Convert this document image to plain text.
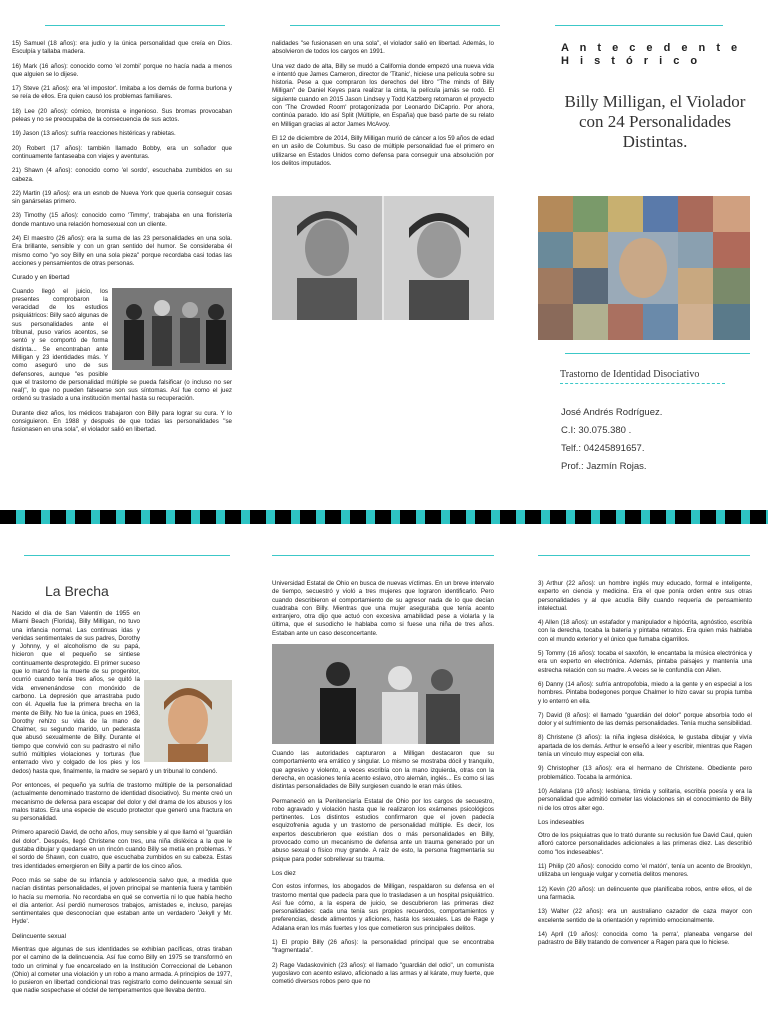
15) Samuel (18 años): era judío y la única personalidad que creía en Dios. Esculpía y tallaba madera.

16) Mark (16 años): conocido como 'el zombi' porque no hacía nada a menos que alguien se lo dijese.

17) Steve (21 años): era 'el impostor'. Imitaba a los demás de forma burlona y se reía de ellos. Era quien causó los problemas familiares.

18) Lee (20 años): cómico, bromista e ingenioso. Sus bromas provocaban peleas y no se preocupaba de la consecuencia de sus actos.

19) Jason (13 años): sufría reacciones histéricas y rabietas.

20) Robert (17 años): también llamado Bobby, era un soñador que continuamente fantaseaba con viajes y aventuras.

21) Shawn (4 años): conocido como 'el sordo', escuchaba zumbidos en su cabeza.

22) Martin (19 años): era un esnob de Nueva York que quería conseguir cosas sin ganárselas primero.

23) Timothy (15 años): conocido como 'Timmy', trabajaba en una floristería donde mantuvo una relación homosexual con un cliente.

24) El maestro (26 años): era la suma de las 23 personalidades en una sola. Era brillante, sensible y con un gran sentido del humor. Se consideraba él mismo como "yo soy Billy en una sola pieza" porque recordaba casi todas las acciones y pensamientos de otras personas.

Curado y en libertad

Cuando llegó el juicio, los presentes comprobaron la veracidad de los estudios psiquiátricos: Billy sacó algunas de sus personalidades ante el tribunal, puso varios acentos, se sentó y se comportó de forma distinta... Se encontraban ante Milligan y 23 identidades más. Y como aseguró uno de sus defensores, aunque "es posible que el trastorno de personalidad múltiple se pueda falsificar (o incluso no ser real)", lo que no pueden falsearse son sus síntomas. Así fue como el juez ordenó su traslado a una institución mental hasta su recuperación.

Durante diez años, los médicos trabajaron con Billy para lograr su cura. Y lo consiguieron. En 1988 y después de que todas las personalidades "se fusionasen en una sola", el violador salió en libertad.

nalidades "se fusionasen en una sola", el violador salió en libertad. Además, lo absolvieron de todos los cargos en 1991.

Una vez dado de alta, Billy se mudó a California donde empezó una nueva vida e intentó que James Cameron, director de 'Titanic', hiciese una película sobre su historia. Pese a que compraron los derechos del libro "The minds of Billy Milligan" de Daniel Keyes para realizar la cinta, la película jamás se rodó. El siguiente cuando en 2015 Jason Lindsey y Todd Katzberg retomaron el proyecto con 'The Crowded Room' protagonizada por Leonardo DiCaprio. Por ahora, continúa parado. Ido así Split (Múltiple, en España) que basó parte de su relato en Milligan gracias al actor James McAvoy.

El 12 de diciembre de 2014, Billy Milligan murió de cáncer a los 59 años de edad en un asilo de Columbus. Su caso de múltiple personalidad fue el primero en utilizarse en Estados Unidos como defensa para conseguir una absolución por los delitos imputados.

A n t e c e d e n t e
H i s t ó r i c o
Billy Milligan, el Violador con 24 Personalidades Distintas.
Trastorno de Identidad Disociativo
José Andrés Rodríguez.
C.I: 30.075.380 .
Telf.: 04245891657.
Prof.: Jazmín Rojas.
La Brecha

Nacido el día de San Valentín de 1955 en Miami Beach (Florida), Billy Milligan, no tuvo una infancia normal. Las continuas idas y venidas sentimentales de sus padres, Dorothy y Johnny, y el alcoholismo de su papá, hicieron que el pequeño se sintiese continuamente desprotegido. El primer suceso que lo marcó fue la muerte de su progenitor, ocurrió cuando tenía tres años, se quitó la vida envenenándose con monóxido de carbono. La depresión que arrastraba pudo con él. Aquella fue la primera brecha en la mente de Billy. No fue la única, pues en 1963, Dorothy rehízo su vida de la mano de Chalmer, su segundo marido, un pederasta que abusó sexualmente de Billy. Durante el tiempo que convivió con su padrastro el niño sufrió múltiples violaciones y torturas (fue enterrado vivo y colgado de los pies y los dedos) hasta que, finalmente, la madre se separó y un tribunal lo condenó.

Por entonces, el pequeño ya sufría de trastorno múltiple de la personalidad (actualmente denominado trastorno de identidad disociativo). Su mente creó un mecanismo de defensa para escapar del dolor y del drama de los abusos y los malos tratos. Era una especie de escudo protector que generó una fractura en su personalidad.

Primero apareció David, de ocho años, muy sensible y al que llamó el "guardián del dolor". Después, llegó Christene con tres, una niña disléxica a la que le gustaba dibujar y quedarse en un rincón cuando Billy se metía en problemas. Y el sordo de Shawn, con cuatro, que escuchaba zumbidos en su cabeza. Estas tres identidades emergieron en Billy a partir de los cinco años.

Poco más se sabe de su infancia y adolescencia salvo que, a medida que nacían distintas personalidades, el joven principal se mantenía fuera y también lo hacía su memoria. No recordaba en qué se convertía ni lo que había hecho el día anterior. Así perdió numerosos trabajos, amistades e, incluso, parejas sentimentales que desconocían que estaban ante un verdadero 'Jekyll y Mr. Hyde'.

Delincuente sexual

Mientras que algunas de sus identidades se exhibían pacíficas, otras tiraban por el camino de la delincuencia. Así fue como Billy en 1975 se transformó en todo un criminal y fue encarcelado en la Institución Correccional de Lebanon (Ohio) al cometer una violación y un robo a mano armada. A principios de 1977, lo pusieron en libertad condicional tras registrarlo como delincuente sexual sin que nadie sospechase el cóctel de temperamentos que llevaba dentro.

Universidad Estatal de Ohio en busca de nuevas víctimas. En un breve intervalo de tiempo, secuestró y violó a tres mujeres que lograron identificarlo. Pero cuando describieron el comportamiento de su agresor nada de lo que decían cuadraba con Billy. Mientras que una mujer aseguraba que tenía acento extranjero, otra dijo que actuó con excesiva amabilidad pese a violarla y la última, que el susodicho le hablaba como si fuese una niña de tres años. Estaban ante un caso desconcertante.

Cuando las autoridades capturaron a Milligan destacaron que su comportamiento era errático y singular. Lo mismo se mostraba dócil y tranquilo, que agresivo y violento, a veces escribía con la mano izquierda, otras con la derecha, en ocasiones tenía acento eslavo, otro alemán, inglés... Es como si las distintas personalidades de Billy surgiesen cuando le eran más útiles.

Permaneció en la Penitenciaría Estatal de Ohio por los cargos de secuestro, robo agravado y violación hasta que le realizaron los exámenes psicológicos pertinentes. Los distintos estudios confirmaron que el joven padecía esquizofrenia aguda y un trastorno de personalidad múltiple. Es decir, los expertos descubrieron que existían dos o más personalidades en Billy, provocado como un mecanismo de defensa ante un trauma generado por un abuso sexual o físico muy grande. A raíz de esto, la persona fragmentaría su psique para poder sobrellevar su trauma.

Los diez

Con estos informes, los abogados de Milligan, respaldaron su defensa en el trastorno mental que padecía para que lo trasladasen a un hospital psiquiátrico. Así fue cómo, a la espera de juicio, se descubrieron las primeras diez personalidades: cada una tenía sus propios recuerdos, comportamientos y preferencias, desde alimentos y aficiones, hasta los sexuales. Las de Rage y Adalana eran los más fuertes y los que cometieron sus principales delitos.

1) El propio Billy (26 años): la personalidad principal que se encontraba "fragmentada".

2) Rage Vadaskovinich (23 años): el llamado "guardián del odio", un comunista yugoslavo con acento eslavo, aficionado a las armas y al kárate, muy fuerte, que cometió diversos robos pero que no

3) Arthur (22 años): un hombre inglés muy educado, formal e inteligente, experto en ciencia y medicina. Era el que ponía orden entre sus otras personalidades y al que acudía Billy cuando requería de pensamiento intelectual.

4) Allen (18 años): un estafador y manipulador e hipócrita, agnóstico, escribía con la derecha, tocaba la batería y pintaba retratos. Era quien más hablaba con el mundo exterior y el único que fumaba cigarrillos.

5) Tommy (16 años): tocaba el saxofón, le encantaba la música electrónica y era un experto en electrónica. Además, pintaba paisajes y mantenía una estrecha relación con su madre. A veces se le confundía con Allen.

6) Danny (14 años): sufría antropofobia, miedo a la gente y en especial a los hombres. Pintaba bodegones porque Chalmer lo hizo cavar su propia tumba y lo enterró en ella.

7) David (8 años): el llamado "guardián del dolor" porque absorbía todo el dolor y el sufrimiento de las demás personalidades. Tenía mucha sensibilidad.

8) Christene (3 años): la niña inglesa disléxica, le gustaba dibujar y vivía apartada de los demás. Arthur le enseñó a leer y escribir, mientras que Ragen tenía un vínculo muy especial con ella.

9) Christopher (13 años): era el hermano de Christene. Obediente pero problemático. Tocaba la armónica.

10) Adalana (19 años): lesbiana, tímida y solitaria, escribía poesía y era la personalidad que admitió cometer las violaciones sin el conocimiento de Billy ni de los otros alter ego.

Los indeseables

Otro de los psiquiatras que lo trató durante su reclusión fue David Caul, quien afloró catorce personalidades adicionales a las primeras diez. Las describió como "los indeseables".

11) Philip (20 años): conocido como 'el matón', tenía un acento de Brooklyn, utilizaba un lenguaje vulgar y cometía delitos menores.

12) Kevin (20 años): un delincuente que planificaba robos, entre ellos, el de una farmacia.

13) Walter (22 años): era un australiano cazador de caza mayor con excelente sentido de la orientación y reprimido emocionalmente.

14) April (19 años): conocida como 'la perra', planeaba vengarse del padrastro de Billy tratando de convencer a Ragen para que lo hiciese.
